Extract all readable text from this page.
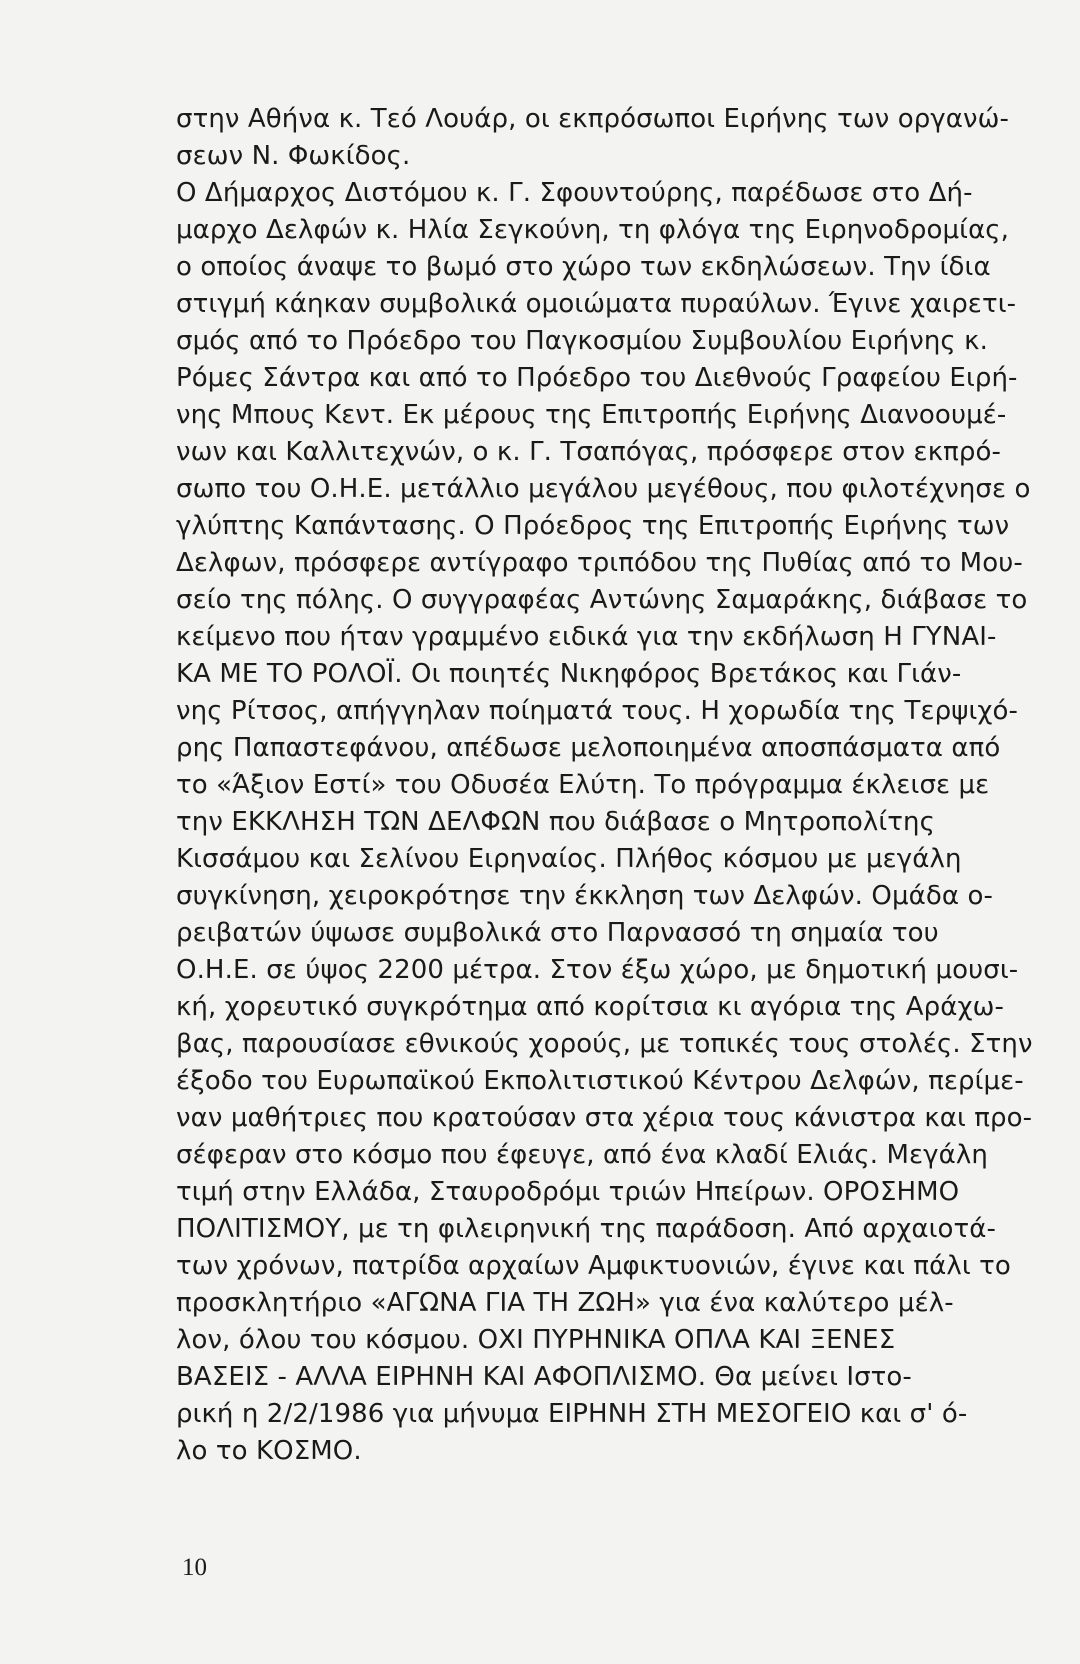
στην Αθήνα κ. Τεό Λουάρ, οι εκπρόσωποι Ειρήνης των οργανώ-
σεων Ν. Φωκίδος.
Ο Δήμαρχος Διστόμου κ. Γ. Σφουντούρης, παρέδωσε στο Δή-
μαρχο Δελφών κ. Ηλία Σεγκούνη, τη φλόγα της Ειρηνοδρομίας,
ο οποίος άναψε το βωμό στο χώρο των εκδηλώσεων. Την ίδια
στιγμή κάηκαν συμβολικά ομοιώματα πυραύλων. Έγινε χαιρετι-
σμός από το Πρόεδρο του Παγκοσμίου Συμβουλίου Ειρήνης κ.
Ρόμες Σάντρα και από το Πρόεδρο του Διεθνούς Γραφείου Ειρή-
νης Μπους Κεντ. Εκ μέρους της Επιτροπής Ειρήνης Διανοουμέ-
νων και Καλλιτεχνών, ο κ. Γ. Τσαπόγας, πρόσφερε στον εκπρό-
σωπο του Ο.Η.Ε. μετάλλιο μεγάλου μεγέθους, που φιλοτέχνησε ο
γλύπτης Καπάντασης. Ο Πρόεδρος της Επιτροπής Ειρήνης των
Δελφων, πρόσφερε αντίγραφο τριπόδου της Πυθίας από το Μου-
σείο της πόλης. Ο συγγραφέας Αντώνης Σαμαράκης, διάβασε το
κείμενο που ήταν γραμμένο ειδικά για την εκδήλωση Η ΓΥΝΑΙ-
ΚΑ ΜΕ ΤΟ ΡΟΛΟΪ. Οι ποιητές Νικηφόρος Βρετάκος και Γιάν-
νης Ρίτσος, απήγγηλαν ποίηματά τους. Η χορωδία της Τερψιχό-
ρης Παπαστεφάνου, απέδωσε μελοποιημένα αποσπάσματα από
το «Άξιον Εστί» του Οδυσέα Ελύτη. Το πρόγραμμα έκλεισε με
την ΕΚΚΛΗΣΗ ΤΩΝ ΔΕΛΦΩΝ που διάβασε ο Μητροπολίτης
Κισσάμου και Σελίνου Ειρηναίος. Πλήθος κόσμου με μεγάλη
συγκίνηση, χειροκρότησε την έκκληση των Δελφών. Ομάδα ο-
ρειβατών ύψωσε συμβολικά στο Παρνασσό τη σημαία του
Ο.Η.Ε. σε ύψος 2200 μέτρα. Στον έξω χώρο, με δημοτική μουσι-
κή, χορευτικό συγκρότημα από κορίτσια κι αγόρια της Αράχω-
βας, παρουσίασε εθνικούς χορούς, με τοπικές τους στολές. Στην
έξοδο του Ευρωπαϊκού Εκπολιτιστικού Κέντρου Δελφών, περίμε-
ναν μαθήτριες που κρατούσαν στα χέρια τους κάνιστρα και προ-
σέφεραν στο κόσμο που έφευγε, από ένα κλαδί Ελιάς. Μεγάλη
τιμή στην Ελλάδα, Σταυροδρόμι τριών Ηπείρων. ΟΡΟΣΗΜΟ
ΠΟΛΙΤΙΣΜΟΥ, με τη φιλειρηνική της παράδοση. Από αρχαιοτά-
των χρόνων, πατρίδα αρχαίων Αμφικτυονιών, έγινε και πάλι το
προσκλητήριο «ΑΓΩΝΑ ΓΙΑ ΤΗ ΖΩΗ» για ένα καλύτερο μέλ-
λον, όλου του κόσμου. ΟΧΙ ΠΥΡΗΝΙΚΑ ΟΠΛΑ ΚΑΙ ΞΕΝΕΣ
ΒΑΣΕΙΣ - ΑΛΛΑ ΕΙΡΗΝΗ ΚΑΙ ΑΦΟΠΛΙΣΜΟ. Θα μείνει Ιστο-
ρική η 2/2/1986 για μήνυμα ΕΙΡΗΝΗ ΣΤΗ ΜΕΣΟΓΕΙΟ και σ' ό-
λο το ΚΟΣΜΟ.
10
